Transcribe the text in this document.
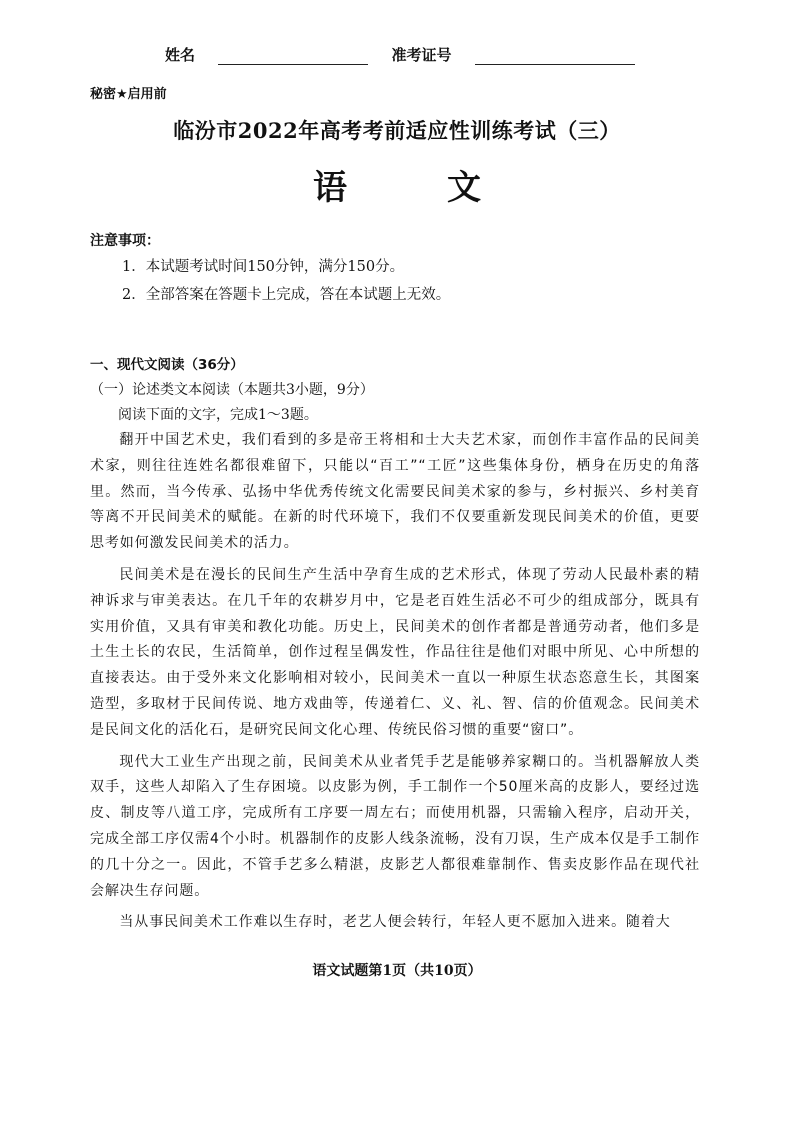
姓名	准考证号
秘密★启用前
临汾市2022年高考考前适应性训练考试（三）
语文
注意事项：
1．本试题考试时间150分钟，满分150分。
2．全部答案在答题卡上完成，答在本试题上无效。
一、现代文阅读（36分）
（一）论述类文本阅读（本题共3小题，9分）
阅读下面的文字，完成1～3题。

翻开中国艺术史，我们看到的多是帝王将相和士大夫艺术家，而创作丰富作品的民间美术家，则往往连姓名都很难留下，只能以“百工”“工匠”这些集体身份，栖身在历史的角落里。然而，当今传承、弘扬中华优秀传统文化需要民间美术家的参与，乡村振兴、乡村美育等离不开民间美术的赋能。在新的时代环境下，我们不仅要重新发现民间美术的价值，更要思考如何激发民间美术的活力。

民间美术是在漫长的民间生产生活中孕育生成的艺术形式，体现了劳动人民最朴素的精神诉求与审美表达。在几千年的农耕岁月中，它是老百姓生活必不可少的组成部分，既具有实用价值，又具有审美和教化功能。历史上，民间美术的创作者都是普通劳动者，他们多是土生土长的农民，生活简单，创作过程呈偶发性，作品往往是他们对眼中所见、心中所想的直接表达。由于受外来文化影响相对较小，民间美术一直以一种原生状态恣意生长，其图案造型，多取材于民间传说、地方戏曲等，传递着仁、义、礼、智、信的价值观念。民间美术是民间文化的活化石，是研究民间文化心理、传统民俗习惯的重要“窗口”。

现代大工业生产出现之前，民间美术从业者凭手艺是能够养家糊口的。当机器解放人类双手，这些人却陷入了生存困境。以皮影为例，手工制作一个50厘米高的皮影人，要经过选皮、制皮等八道工序，完成所有工序要一周左右；而使用机器，只需输入程序，启动开关，完成全部工序仅需4个小时。机器制作的皮影人线条流畅，没有刀误，生产成本仅是手工制作的几十分之一。因此，不管手艺多么精湛，皮影艺人都很难靠制作、售卖皮影作品在现代社会解决生存问题。

当从事民间美术工作难以生存时，老艺人便会转行，年轻人更不愿加入进来。随着大

语文试题第1页（共10页）
